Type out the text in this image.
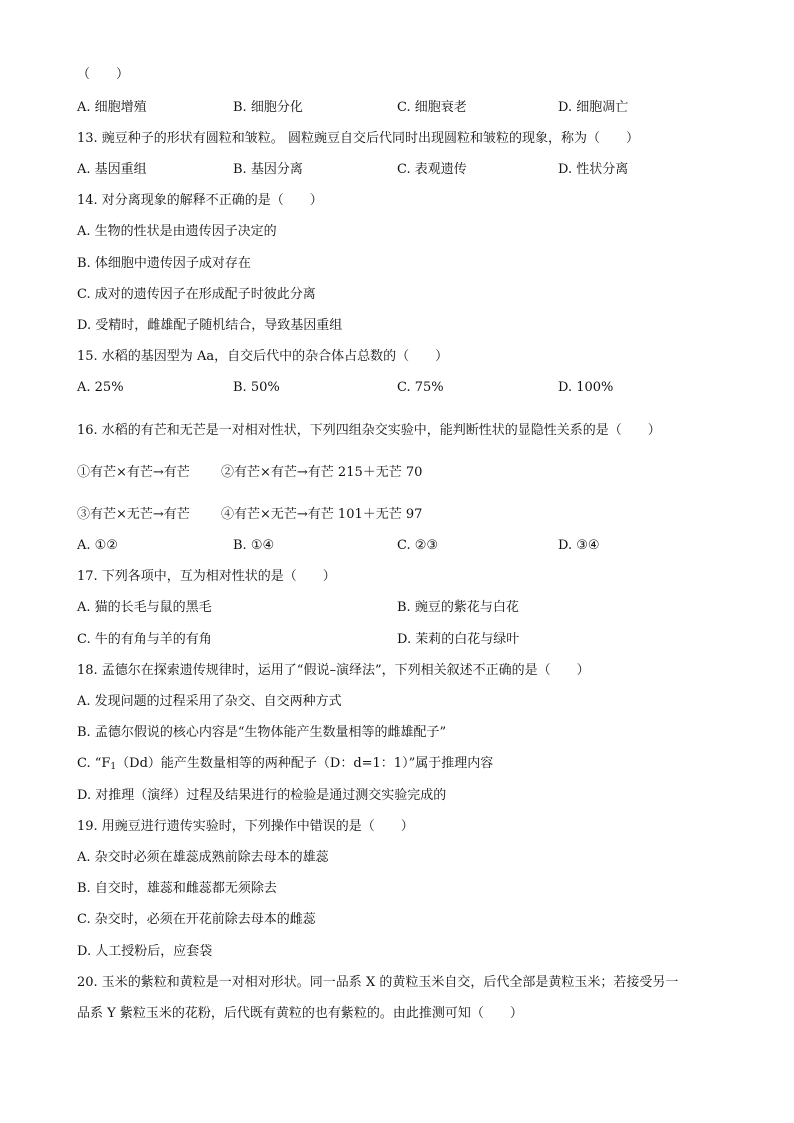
（　　）
A. 细胞增殖	B. 细胞分化	C. 细胞衰老	D. 细胞凋亡
13. 豌豆种子的形状有圆粒和皱粒。 圆粒豌豆自交后代同时出现圆粒和皱粒的现象，称为（　　）
A. 基因重组	B. 基因分离	C. 表观遗传	D. 性状分离
14. 对分离现象的解释不正确的是（　　）
A. 生物的性状是由遗传因子决定的
B. 体细胞中遗传因子成对存在
C. 成对的遗传因子在形成配子时彼此分离
D. 受精时，雌雄配子随机结合，导致基因重组
15. 水稻的基因型为 Aa，自交后代中的杂合体占总数的（　　）
A. 25%	B. 50%	C. 75%	D. 100%
16. 水稻的有芒和无芒是一对相对性状，下列四组杂交实验中，能判断性状的显隐性关系的是（　　）
①有芒×有芒→有芒 ②有芒×有芒→有芒 215＋无芒 70
③有芒×无芒→有芒 ④有芒×无芒→有芒 101＋无芒 97
A. ①②	B. ①④	C. ②③	D. ③④
17. 下列各项中，互为相对性状的是（　　）
A. 猫的长毛与鼠的黑毛	B. 豌豆的紫花与白花
C. 牛的有角与羊的有角	D. 茉莉的白花与绿叶
18. 孟德尔在探索遗传规律时，运用了“假说–演绎法”，下列相关叙述不正确的是（　　）
A. 发现问题的过程采用了杂交、自交两种方式
B. 孟德尔假说的核心内容是“生物体能产生数量相等的雌雄配子”
C. “$F_1(Dd)$能产生数量相等的两种配子（D：d=1：1）”属于推理内容
D. 对推理（演绎）过程及结果进行的检验是通过测交实验完成的
19. 用豌豆进行遗传实验时，下列操作中错误的是（　　）
A. 杂交时必须在雄蕊成熟前除去母本的雄蕊
B. 自交时，雄蕊和雌蕊都无须除去
C. 杂交时，必须在开花前除去母本的雌蕊
D. 人工授粉后，应套袋
20. 玉米的紫粒和黄粒是一对相对形状。同一品系 X 的黄粒玉米自交，后代全部是黄粒玉米；若接受另一
品系 Y 紫粒玉米的花粉，后代既有黄粒的也有紫粒的。由此推测可知（　　）
